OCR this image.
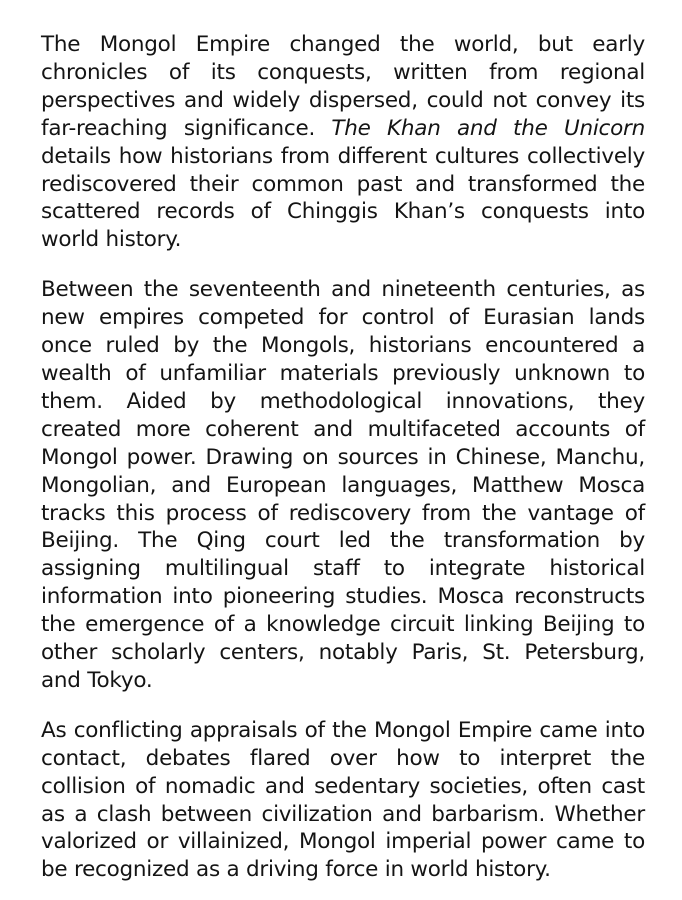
The Mongol Empire changed the world, but early chronicles of its conquests, written from regional perspectives and widely dispersed, could not convey its far-reaching significance. The Khan and the Unicorn details how historians from different cultures collectively rediscovered their common past and transformed the scattered records of Chinggis Khan’s conquests into world history.

Between the seventeenth and nineteenth centuries, as new empires competed for control of Eurasian lands once ruled by the Mongols, historians encountered a wealth of unfamiliar materials previously unknown to them. Aided by methodological innovations, they created more coherent and multifaceted accounts of Mongol power. Drawing on sources in Chinese, Manchu, Mongolian, and European languages, Matthew Mosca tracks this process of rediscovery from the vantage of Beijing. The Qing court led the transformation by assigning multilingual staff to integrate historical information into pioneering studies. Mosca reconstructs the emergence of a knowledge circuit linking Beijing to other scholarly centers, notably Paris, St. Petersburg, and Tokyo.

As conflicting appraisals of the Mongol Empire came into contact, debates flared over how to interpret the collision of nomadic and sedentary societies, often cast as a clash between civilization and barbarism. Whether valorized or villainized, Mongol imperial power came to be recognized as a driving force in world history.
